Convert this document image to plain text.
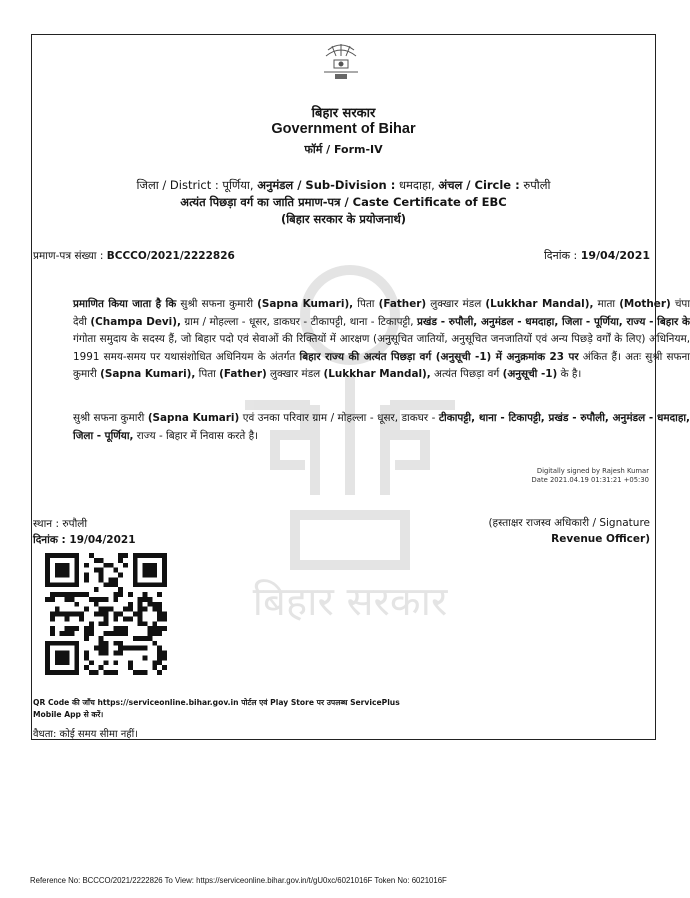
बिहार सरकार
बिहार सरकार
Government of Bihar
फॉर्म / Form-IV
जिला / District : पूर्णिया, अनुमंडल / Sub-Division : धमदाहा, अंचल / Circle : रुपौली
अत्यंत पिछड़ा वर्ग का जाति प्रमाण-पत्र / Caste Certificate of EBC
(बिहार सरकार के प्रयोजनार्थ)
प्रमाण-पत्र संख्या : BCCCO/2021/2222826	दिनांक : 19/04/2021

प्रमाणित किया जाता है कि सुश्री सफना कुमारी (Sapna Kumari), पिता (Father) लुक्खार मंडल (Lukkhar Mandal), माता (Mother) चंपा देवी (Champa Devi), ग्राम / मोहल्ला - धूसर, डाकघर - टीकापट्टी, थाना - टिकापट्टी, प्रखंड - रुपौली, अनुमंडल - धमदाहा, जिला - पूर्णिया, राज्य - बिहार के गंगोता समुदाय के सदस्य हैं, जो बिहार पदो एवं सेवाओं की रिक्तियों में आरक्षण (अनुसूचित जातियों, अनुसूचित जनजातियों एवं अन्य पिछड़े वर्गों के लिए) अधिनियम, 1991 समय-समय पर यथासंशोधित अधिनियम के अंतर्गत बिहार राज्य की अत्यंत पिछड़ा वर्ग (अनुसूची -1) में अनुक्रमांक 23 पर अंकित हैं। अतः सुश्री सफना कुमारी (Sapna Kumari), पिता (Father) लुक्खार मंडल (Lukkhar Mandal), अत्यंत पिछड़ा वर्ग (अनुसूची -1) के है।

सुश्री सफना कुमारी (Sapna Kumari) एवं उनका परिवार ग्राम / मोहल्ला - धूसर, डाकघर - टीकापट्टी, थाना - टिकापट्टी, प्रखंड - रुपौली, अनुमंडल - धमदाहा, जिला - पूर्णिया, राज्य - बिहार में निवास करते है।

Digitally signed by Rajesh Kumar
Date 2021.04.19 01:31:21 +05:30
स्थान : रुपौली
दिनांक : 19/04/2021
(हस्ताक्षर राजस्व अधिकारी / Signature
Revenue Officer)
QR Code की जाँच https://serviceonline.bihar.gov.in पोर्टल एवं Play Store पर उपलब्ध ServicePlus
Mobile App से करें।
वैधता: कोई समय सीमा नहीं।
Reference No: BCCCO/2021/2222826 To View: https://serviceonline.bihar.gov.in/t/gU0xc/6021016F Token No: 6021016F
